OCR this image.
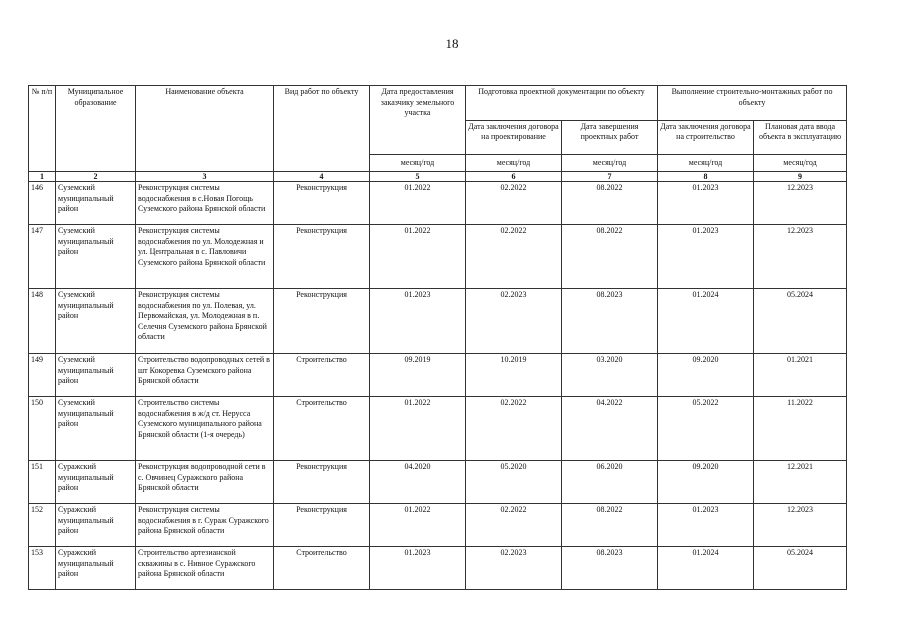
18
№ п/п	Муниципальное образование	Наименование объекта	Вид работ по объекту	Дата предоставления заказчику земельного участка	Подготовка проектной документации по объекту		Выполнение строительно-монтажных работ по объекту	
					Дата заключения договора на проектирование	Дата завершения проектных работ	Дата заключения договора на строительство	Плановая дата ввода объекта в эксплуатацию
				месяц/год	месяц/год	месяц/год	месяц/год	месяц/год
1	2	3	4	5	6	7	8	9
146	Суземский муниципальный район	Реконструкция системы водоснабжения в с.Новая Погощь Суземского района Брянской области	Реконструкция	01.2022	02.2022	08.2022	01.2023	12.2023
147	Суземский муниципальный район	Реконструкция системы водоснабжения по ул. Молодежная и ул. Центральная в с. Павловичи Суземского района Брянской области	Реконструкция	01.2022	02.2022	08.2022	01.2023	12.2023
148	Суземский муниципальный район	Реконструкция системы водоснабжения по ул. Полевая, ул. Первомайская, ул. Молодежная в п. Селечня Суземского района Брянской области	Реконструкция	01.2023	02.2023	08.2023	01.2024	05.2024
149	Суземский муниципальный район	Строительство водопроводных сетей в шт Кокоревка Суземского района Брянской области	Строительство	09.2019	10.2019	03.2020	09.2020	01.2021
150	Суземский муниципальный район	Строительство системы водоснабжения в ж/д ст. Неруcса Суземского муниципального района Брянской области (1-я очередь)	Строительство	01.2022	02.2022	04.2022	05.2022	11.2022
151	Суражский муниципальный район	Реконструкция водопроводной сети в с. Овчинец Суражского района Брянской области	Реконструкция	04.2020	05.2020	06.2020	09.2020	12.2021
152	Суражский муниципальный район	Реконструкция системы водоснабжения в г. Сураж Суражского района Брянской области	Реконструкция	01.2022	02.2022	08.2022	01.2023	12.2023
153	Суражский муниципальный район	Строительство артезианской скважины в с. Нивное Суражского района Брянской области	Строительство	01.2023	02.2023	08.2023	01.2024	05.2024
